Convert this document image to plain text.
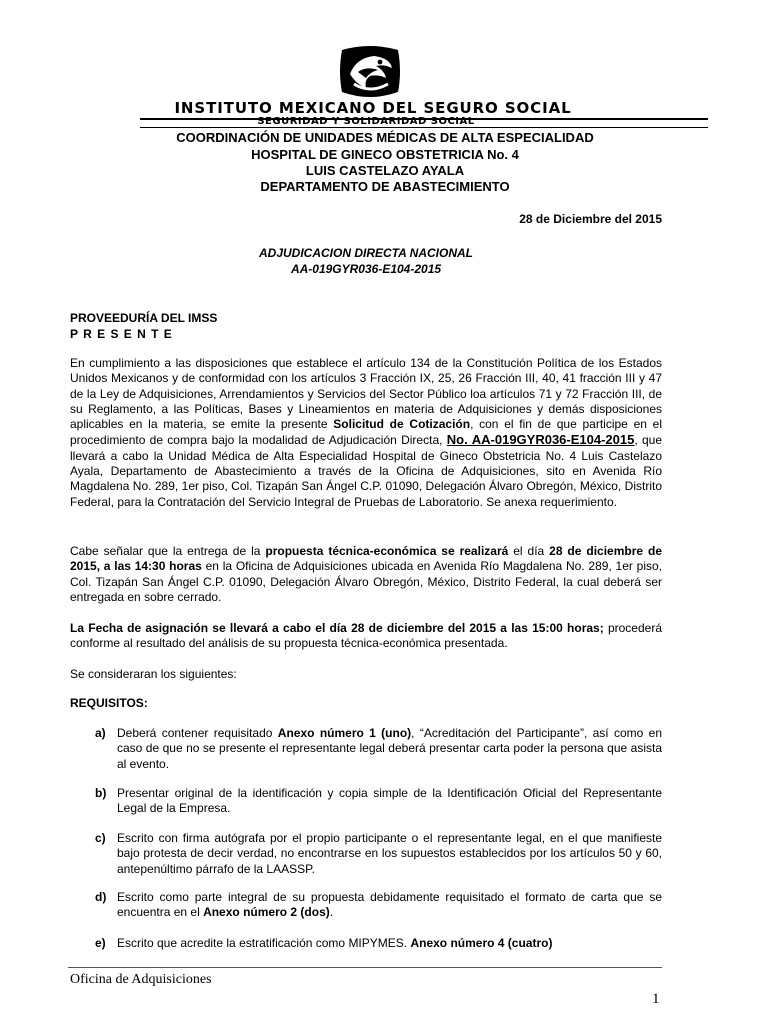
INSTITUTO MEXICANO DEL SEGURO SOCIAL
SEGURIDAD Y SOLIDARIDAD SOCIAL
COORDINACIÓN DE UNIDADES MÉDICAS DE ALTA ESPECIALIDAD
HOSPITAL DE GINECO OBSTETRICIA No. 4
LUIS CASTELAZO AYALA
DEPARTAMENTO DE ABASTECIMIENTO
28 de Diciembre del 2015
ADJUDICACION DIRECTA NACIONAL
AA-019GYR036-E104-2015
PROVEEDURÍA DEL IMSS
P R E S E N T E
En cumplimiento a las disposiciones que establece el artículo 134 de la Constitución Política de los Estados Unidos Mexicanos y de conformidad con los artículos 3 Fracción IX, 25, 26 Fracción III, 40, 41 fracción III y 47 de la Ley de Adquisiciones, Arrendamientos y Servicios del Sector Público loa artículos 71 y 72 Fracción III, de su Reglamento, a las Políticas, Bases y Lineamientos en materia de Adquisiciones y demás disposiciones aplicables en la materia, se emite la presente Solicitud de Cotización, con el fin de que participe en el procedimiento de compra bajo la modalidad de Adjudicación Directa, No. AA-019GYR036-E104-2015, que llevará a cabo la Unidad Médica de Alta Especialidad Hospital de Gineco Obstetricia No. 4 Luis Castelazo Ayala, Departamento de Abastecimiento a través de la Oficina de Adquisiciones, sito en Avenida Río Magdalena No. 289, 1er piso, Col. Tizapán San Ángel C.P. 01090, Delegación Álvaro Obregón, México, Distrito Federal, para la Contratación del Servicio Integral de Pruebas de Laboratorio. Se anexa requerimiento.
Cabe señalar que la entrega de la propuesta técnica-económica se realizará el día 28 de diciembre de 2015, a las 14:30 horas en la Oficina de Adquisiciones ubicada en Avenida Río Magdalena No. 289, 1er piso, Col. Tizapán San Ángel C.P. 01090, Delegación Álvaro Obregón, México, Distrito Federal, la cual deberá ser entregada en sobre cerrado.
La Fecha de asignación se llevará a cabo el día 28 de diciembre del 2015 a las 15:00 horas; procederá conforme al resultado del análisis de su propuesta técnica-económica presentada.
Se consideraran los siguientes:
REQUISITOS:
a) Deberá contener requisitado Anexo número 1 (uno), “Acreditación del Participante”, así como en caso de que no se presente el representante legal deberá presentar carta poder la persona que asista al evento.
b) Presentar original de la identificación y copia simple de la Identificación Oficial del Representante Legal de la Empresa.
c) Escrito con firma autógrafa por el propio participante o el representante legal, en el que manifieste bajo protesta de decir verdad, no encontrarse en los supuestos establecidos por los artículos 50 y 60, antepenúltimo párrafo de la LAASSP.
d) Escrito como parte integral de su propuesta debidamente requisitado el formato de carta que se encuentra en el Anexo número 2 (dos).
e) Escrito que acredite la estratificación como MIPYMES. Anexo número 4 (cuatro)
Oficina de Adquisiciones
1
